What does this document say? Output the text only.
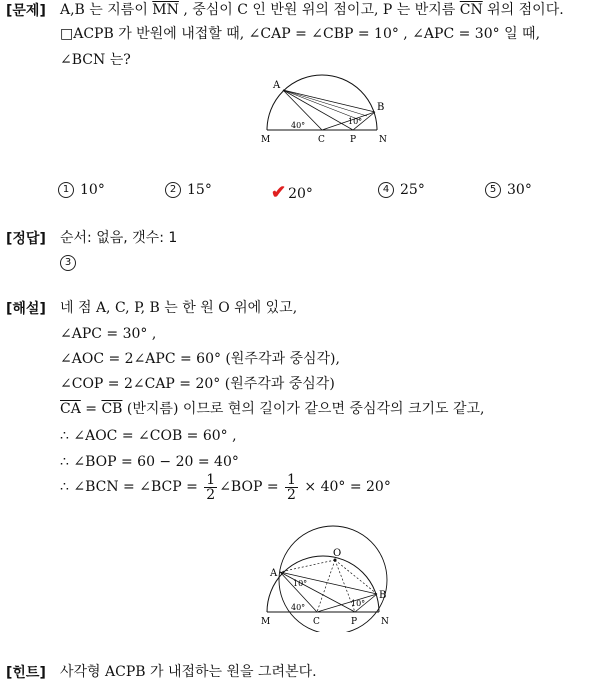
[문제] A,B 는 지름이 $\overline{MN}$ , 중심이 C 인 반원 위의 점이고, P 는 반지름 $\overline{CN}$ 위의 점이다.
□ACPB 가 반원에 내접할 때, ∠CAP = ∠CBP = 10° , ∠APC = 30° 일 때,
∠BCN 는?
A
B
M	C	P	N
40°	10°
1 10°	2 15°	✔ 20°	4 25°	5 30°
[정답] 순서: 없음, 갯수: 1
3
[해설] 네 점 A, C, P, B 는 한 원 O 위에 있고,
∠APC = 30° ,
∠AOC = 2∠APC = 60° (원주각과 중심각),
∠COP = 2∠CAP = 20° (원주각과 중심각)
$\overline{CA} = \overline{CB}$ (반지름) 이므로 현의 길이가 같으면 중심각의 크기도 같고,
∴ ∠AOC = ∠COB = 60° ,
∴ ∠BOP = 60 − 20 = 40°
∴ ∠BCN = ∠BCP = $\frac{1}{2}$ ∠BOP = $\frac{1}{2} \times 40^\circ = 20^\circ$
O
A
B
M	C	P	N
40°
10°
10°
[힌트] 사각형 ACPB 가 내접하는 원을 그려본다.
